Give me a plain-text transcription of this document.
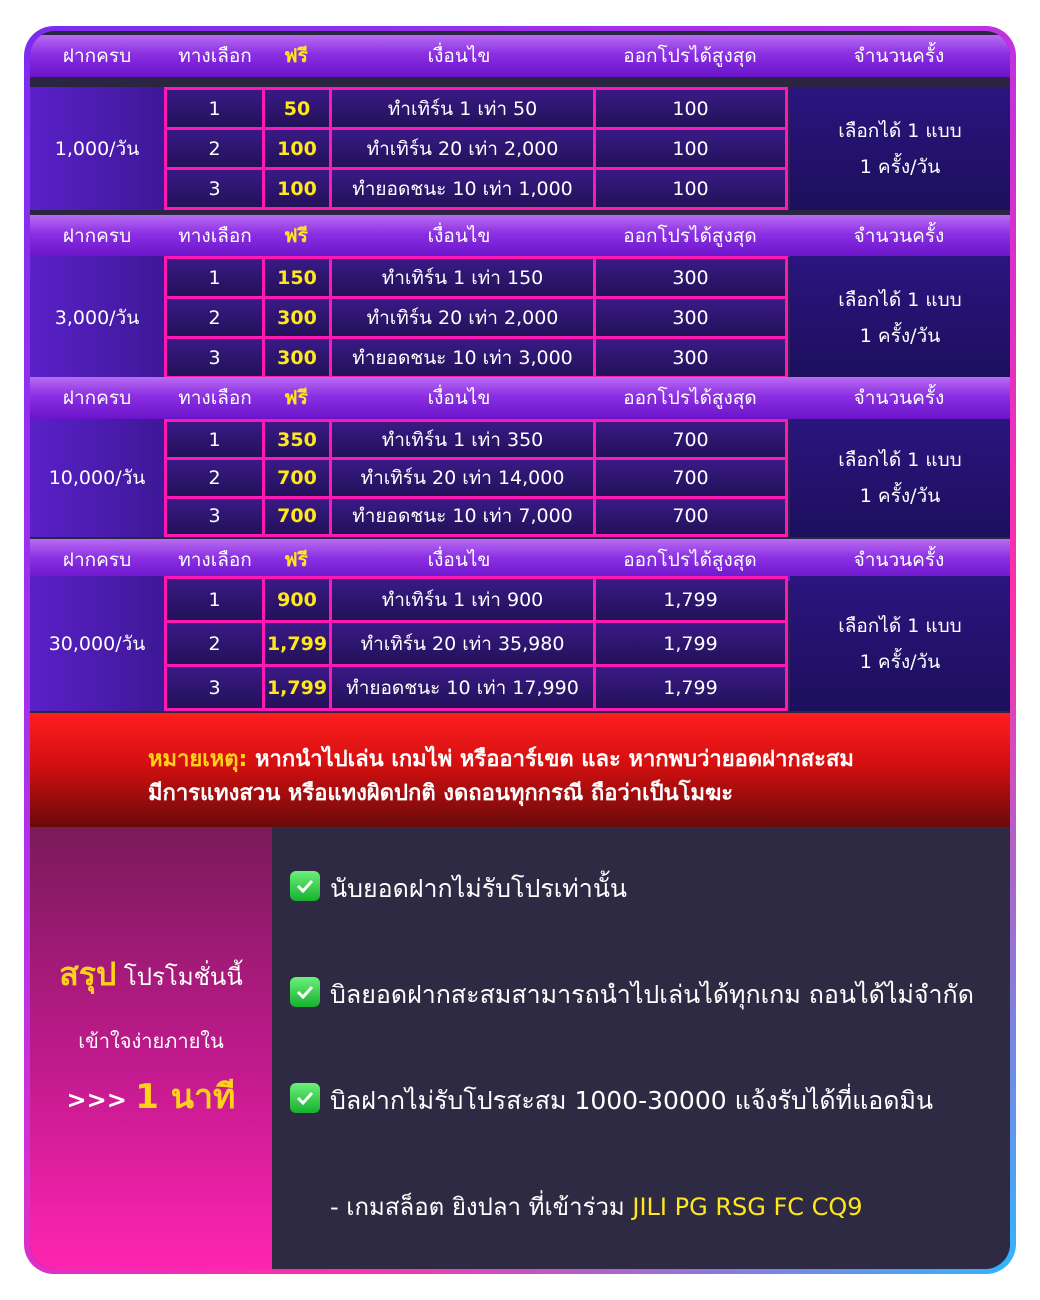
หมายเหตุ: หากนำไปเล่น เกมไพ่ หรืออาร์เขต และ หากพบว่ายอดฝากสะสม

มีการแทงสวน หรือแทงผิดปกติ งดถอนทุกกรณี ถือว่าเป็นโมฆะ

สรุป โปรโมชั่นนี้
เข้าใจง่ายภายใน
>>> 1 นาที
นับยอดฝากไม่รับโปรเท่านั้น
บิลยอดฝากสะสมสามารถนำไปเล่นได้ทุกเกม ถอนได้ไม่จำกัด
บิลฝากไม่รับโปรสะสม 1000-30000 แจ้งรับได้ที่แอดมิน
- เกมสล็อต ยิงปลา ที่เข้าร่วม JILI PG RSG FC CQ9
ฝากครบ	ทางเลือก	ฟรี	เงื่อนไข	ออกโปรได้สูงสุด	จำนวนครั้ง
1,000/วัน
1	50	ทำเทิร์น 1 เท่า 50	100
2	100	ทำเทิร์น 20 เท่า 2,000	100
3	100	ทำยอดชนะ 10 เท่า 1,000	100
เลือกได้ 1 แบบ
1 ครั้ง/วัน
ฝากครบ	ทางเลือก	ฟรี	เงื่อนไข	ออกโปรได้สูงสุด	จำนวนครั้ง
3,000/วัน
1	150	ทำเทิร์น 1 เท่า 150	300
2	300	ทำเทิร์น 20 เท่า 2,000	300
3	300	ทำยอดชนะ 10 เท่า 3,000	300
เลือกได้ 1 แบบ
1 ครั้ง/วัน
ฝากครบ	ทางเลือก	ฟรี	เงื่อนไข	ออกโปรได้สูงสุด	จำนวนครั้ง
10,000/วัน
1	350	ทำเทิร์น 1 เท่า 350	700
2	700	ทำเทิร์น 20 เท่า 14,000	700
3	700	ทำยอดชนะ 10 เท่า 7,000	700
เลือกได้ 1 แบบ
1 ครั้ง/วัน
ฝากครบ	ทางเลือก	ฟรี	เงื่อนไข	ออกโปรได้สูงสุด	จำนวนครั้ง
30,000/วัน
1	900	ทำเทิร์น 1 เท่า 900	1,799
2	1,799	ทำเทิร์น 20 เท่า 35,980	1,799
3	1,799	ทำยอดชนะ 10 เท่า 17,990	1,799
เลือกได้ 1 แบบ
1 ครั้ง/วัน
